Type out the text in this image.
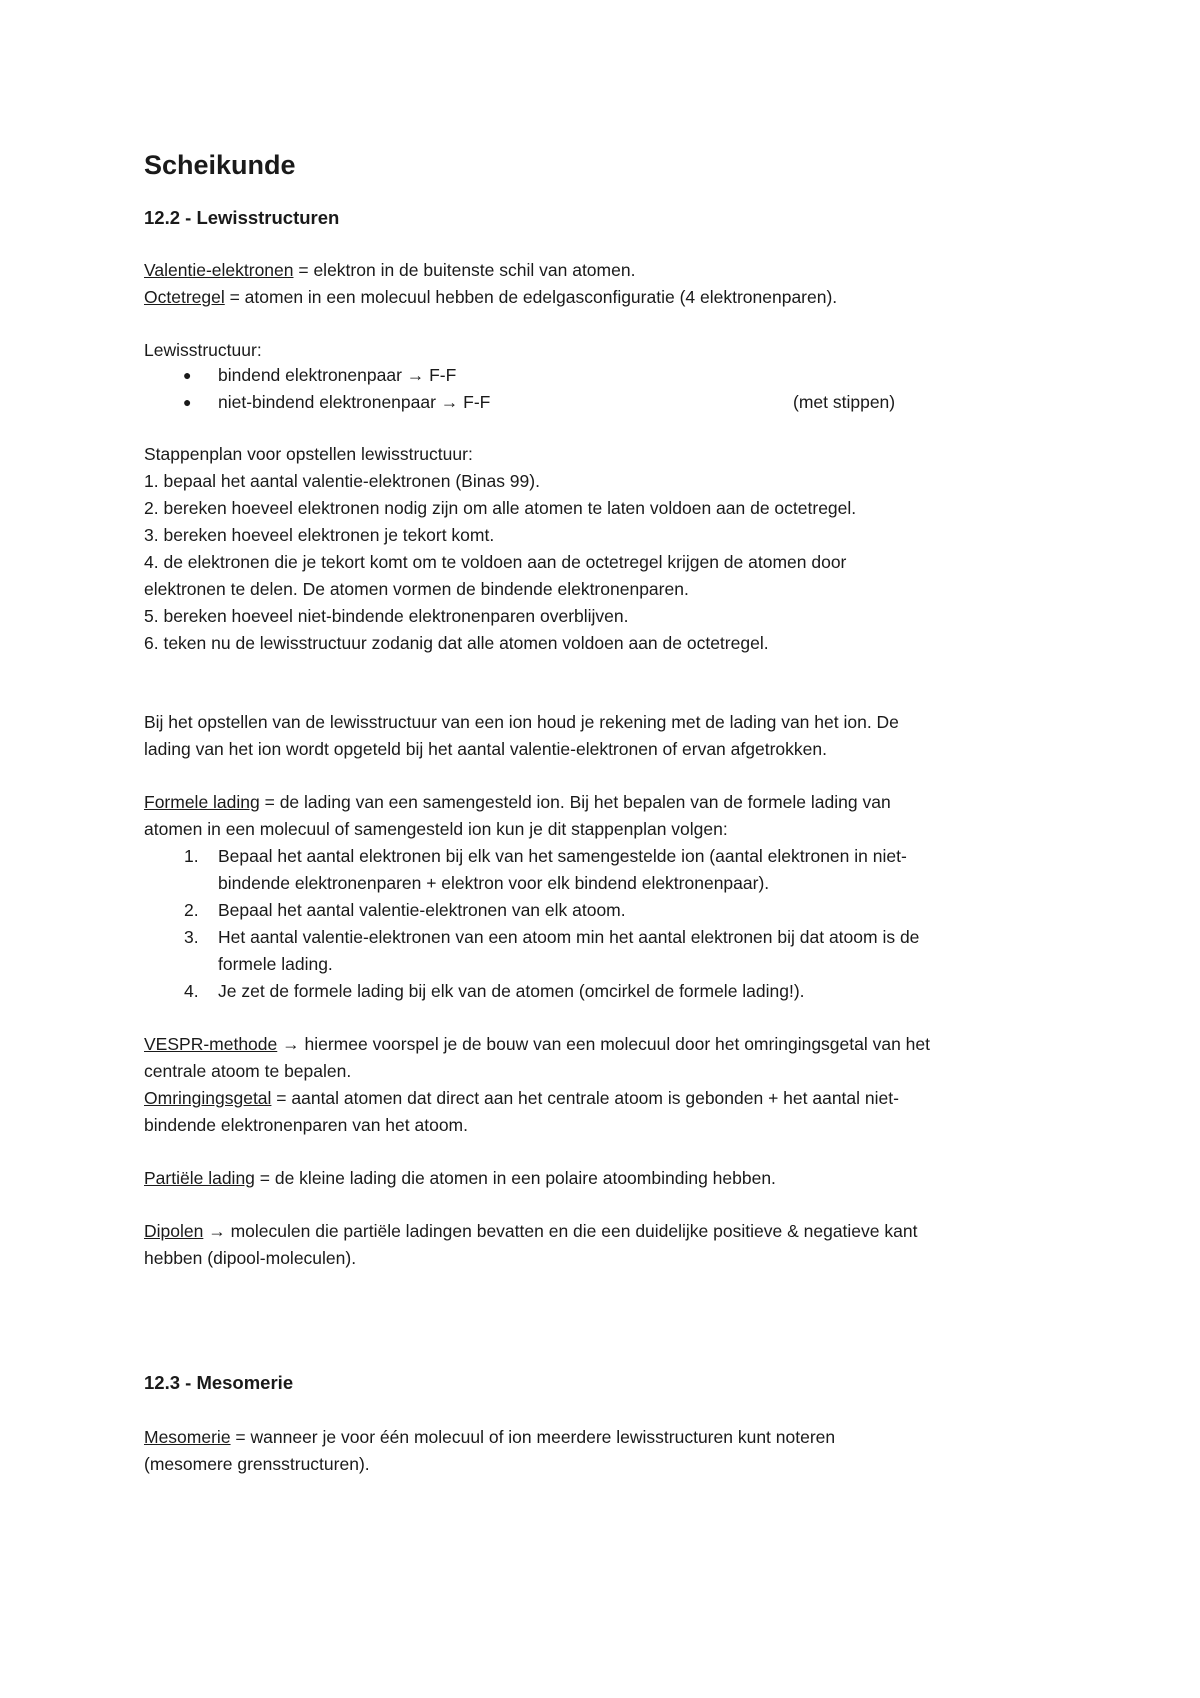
Scheikunde
12.2 - Lewisstructuren
Valentie-elektronen = elektron in de buitenste schil van atomen.
Octetregel = atomen in een molecuul hebben de edelgasconfiguratie (4 elektronenparen).
Lewisstructuur:
● bindend elektronenpaar → F-F
● niet-bindend elektronenpaar → F-F	(met stippen)
Stappenplan voor opstellen lewisstructuur:
1. bepaal het aantal valentie-elektronen (Binas 99).
2. bereken hoeveel elektronen nodig zijn om alle atomen te laten voldoen aan de octetregel.
3. bereken hoeveel elektronen je tekort komt.
4. de elektronen die je tekort komt om te voldoen aan de octetregel krijgen de atomen door
elektronen te delen. De atomen vormen de bindende elektronenparen.
5. bereken hoeveel niet-bindende elektronenparen overblijven.
6. teken nu de lewisstructuur zodanig dat alle atomen voldoen aan de octetregel.
Bij het opstellen van de lewisstructuur van een ion houd je rekening met de lading van het ion. De
lading van het ion wordt opgeteld bij het aantal valentie-elektronen of ervan afgetrokken.
Formele lading = de lading van een samengesteld ion. Bij het bepalen van de formele lading van
atomen in een molecuul of samengesteld ion kun je dit stappenplan volgen:
1. Bepaal het aantal elektronen bij elk van het samengestelde ion (aantal elektronen in niet-
bindende elektronenparen + elektron voor elk bindend elektronenpaar).
2. Bepaal het aantal valentie-elektronen van elk atoom.
3. Het aantal valentie-elektronen van een atoom min het aantal elektronen bij dat atoom is de
formele lading.
4. Je zet de formele lading bij elk van de atomen (omcirkel de formele lading!).
VESPR-methode → hiermee voorspel je de bouw van een molecuul door het omringingsgetal van het
centrale atoom te bepalen.
Omringingsgetal = aantal atomen dat direct aan het centrale atoom is gebonden + het aantal niet-
bindende elektronenparen van het atoom.
Partiële lading = de kleine lading die atomen in een polaire atoombinding hebben.
Dipolen → moleculen die partiële ladingen bevatten en die een duidelijke positieve & negatieve kant
hebben (dipool-moleculen).
12.3 - Mesomerie
Mesomerie = wanneer je voor één molecuul of ion meerdere lewisstructuren kunt noteren
(mesomere grensstructuren).
